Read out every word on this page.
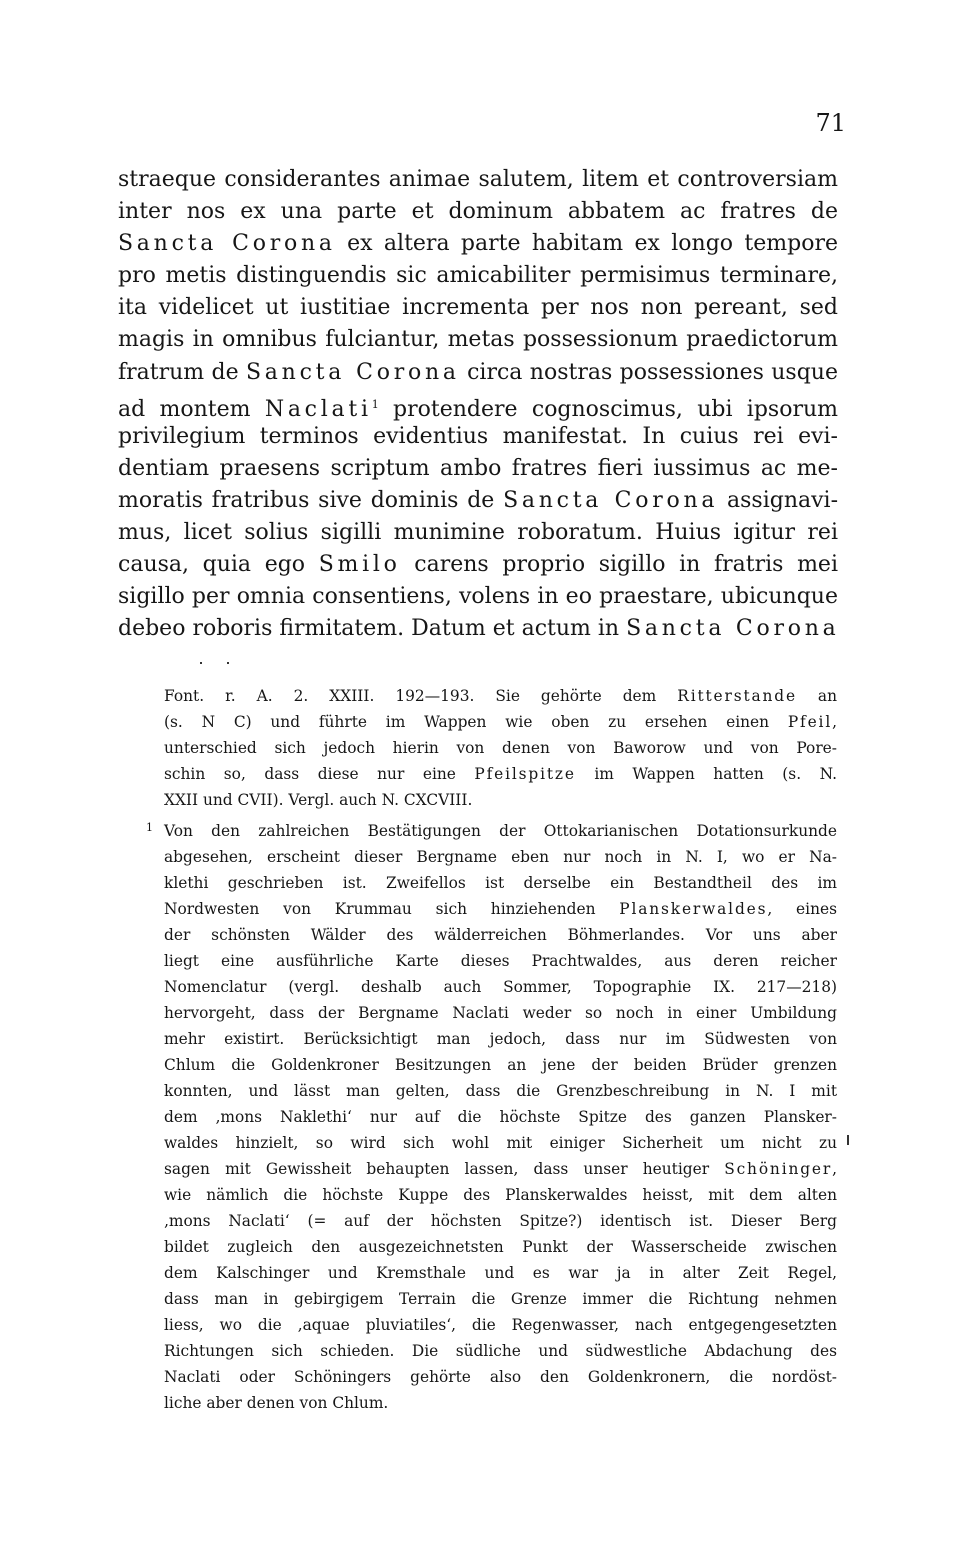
71
straeque considerantes animae salutem, litem et controversiam
inter nos ex una parte et dominum abbatem ac fratres de
Sancta Corona ex altera parte habitam ex longo tempore
pro metis distinguendis sic amicabiliter permisimus terminare,
ita videlicet ut iustitiae incrementa per nos non pereant, sed
magis in omnibus fulciantur, metas possessionum praedictorum
fratrum de Sancta Corona circa nostras possessiones usque
ad montem Naclati$^1$ protendere cognoscimus, ubi ipsorum
privilegium terminos evidentius manifestat. In cuius rei evi-
dentiam praesens scriptum ambo fratres fieri iussimus ac me-
moratis fratribus sive dominis de Sancta Corona assignavi-
mus, licet solius sigilli munimine roboratum. Huius igitur rei
causa, quia ego Smilo carens proprio sigillo in fratris mei
sigillo per omnia consentiens, volens in eo praestare, ubicunque
debeo roboris firmitatem. Datum et actum in Sancta Corona
Font. r. A. 2. XXIII. 192—193. Sie gehörte dem Ritterstande an
(s. N C) und führte im Wappen wie oben zu ersehen einen Pfeil,
unterschied sich jedoch hierin von denen von Baworow und von Pore-
schin so, dass diese nur eine Pfeilspitze im Wappen hatten (s. N.
XXII und CVII). Vergl. auch N. CXCVIII.
1 Von den zahlreichen Bestätigungen der Ottokarianischen Dotationsurkunde
abgesehen, erscheint dieser Bergname eben nur noch in N. I, wo er Na-
klethi geschrieben ist. Zweifellos ist derselbe ein Bestandtheil des im
Nordwesten von Krummau sich hinziehenden Planskerwaldes, eines
der schönsten Wälder des wälderreichen Böhmerlandes. Vor uns aber
liegt eine ausführliche Karte dieses Prachtwaldes, aus deren reicher
Nomenclatur (vergl. deshalb auch Sommer, Topographie IX. 217—218)
hervorgeht, dass der Bergname Naclati weder so noch in einer Umbildung
mehr existirt. Berücksichtigt man jedoch, dass nur im Südwesten von
Chlum die Goldenkroner Besitzungen an jene der beiden Brüder grenzen
konnten, und lässt man gelten, dass die Grenzbeschreibung in N. I mit
dem ‚mons Naklethi‘ nur auf die höchste Spitze des ganzen Plansker-
waldes hinzielt, so wird sich wohl mit einiger Sicherheit um nicht zu
sagen mit Gewissheit behaupten lassen, dass unser heutiger Schöninger,
wie nämlich die höchste Kuppe des Planskerwaldes heisst, mit dem alten
‚mons Naclati‘ (= auf der höchsten Spitze?) identisch ist. Dieser Berg
bildet zugleich den ausgezeichnetsten Punkt der Wasserscheide zwischen
dem Kalschinger und Kremsthale und es war ja in alter Zeit Regel,
dass man in gebirgigem Terrain die Grenze immer die Richtung nehmen
liess, wo die ‚aquae pluviatiles‘, die Regenwasser, nach entgegengesetzten
Richtungen sich schieden. Die südliche und südwestliche Abdachung des
Naclati oder Schöningers gehörte also den Goldenkronern, die nordöst-
liche aber denen von Chlum.
